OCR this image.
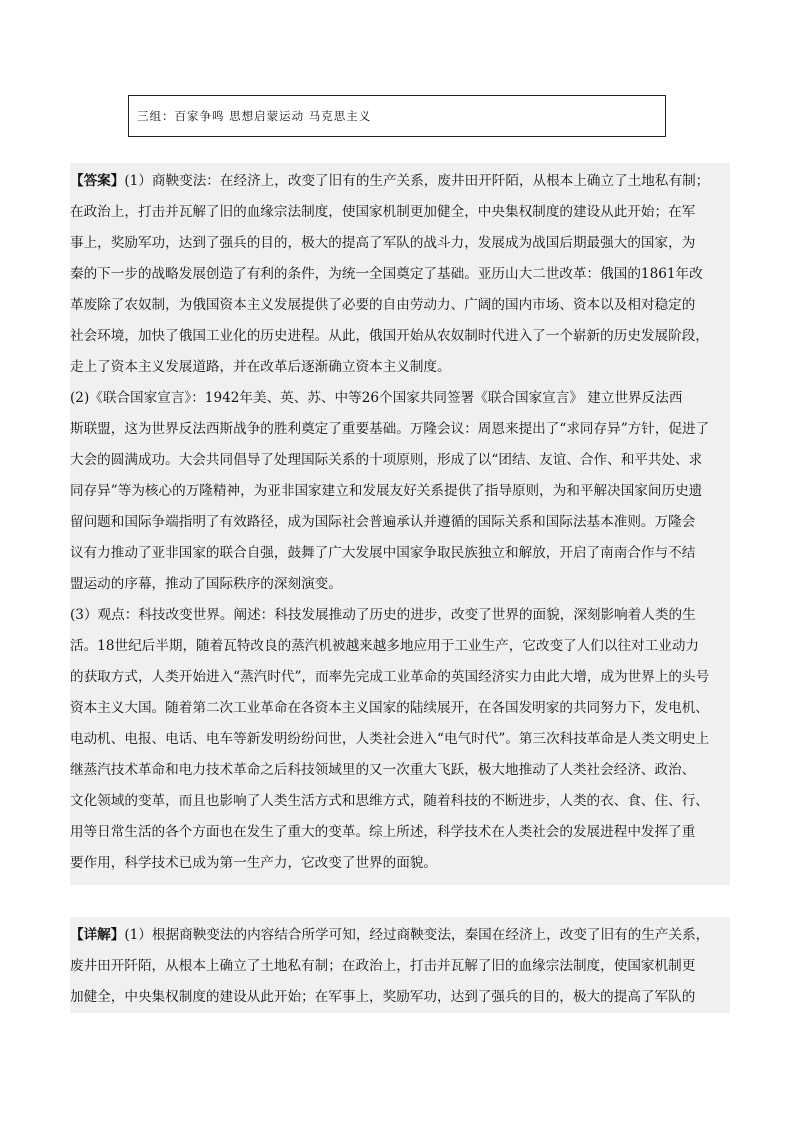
三组：百家争鸣 思想启蒙运动 马克思主义
【答案】(1）商鞅变法：在经济上，改变了旧有的生产关系，废井田开阡陌，从根本上确立了土地私有制；
在政治上，打击并瓦解了旧的血缘宗法制度，使国家机制更加健全，中央集权制度的建设从此开始；在军
事上，奖励军功，达到了强兵的目的，极大的提高了军队的战斗力，发展成为战国后期最强大的国家，为
秦的下一步的战略发展创造了有利的条件，为统一全国奠定了基础。亚历山大二世改革：俄国的1861年改
革废除了农奴制，为俄国资本主义发展提供了必要的自由劳动力、广阔的国内市场、资本以及相对稳定的
社会环境，加快了俄国工业化的历史进程。从此，俄国开始从农奴制时代进入了一个崭新的历史发展阶段，
走上了资本主义发展道路，并在改革后逐渐确立资本主义制度。
(2)《联合国家宣言》：1942年美、英、苏、中等26个国家共同签署《联合国家宣言》 建立世界反法西
斯联盟，这为世界反法西斯战争的胜利奠定了重要基础。万隆会议：周恩来提出了“求同存异”方针，促进了
大会的圆满成功。大会共同倡导了处理国际关系的十项原则，形成了以“团结、友谊、合作、和平共处、求
同存异”等为核心的万隆精神，为亚非国家建立和发展友好关系提供了指导原则，为和平解决国家间历史遗
留问题和国际争端指明了有效路径，成为国际社会普遍承认并遵循的国际关系和国际法基本准则。万隆会
议有力推动了亚非国家的联合自强，鼓舞了广大发展中国家争取民族独立和解放，开启了南南合作与不结
盟运动的序幕，推动了国际秩序的深刻演变。
(3）观点：科技改变世界。阐述：科技发展推动了历史的进步，改变了世界的面貌，深刻影响着人类的生
活。18世纪后半期，随着瓦特改良的蒸汽机被越来越多地应用于工业生产，它改变了人们以往对工业动力
的获取方式，人类开始进入“蒸汽时代”，而率先完成工业革命的英国经济实力由此大增，成为世界上的头号
资本主义大国。随着第二次工业革命在各资本主义国家的陆续展开，在各国发明家的共同努力下，发电机、
电动机、电报、电话、电车等新发明纷纷问世，人类社会进入“电气时代”。第三次科技革命是人类文明史上
继蒸汽技术革命和电力技术革命之后科技领域里的又一次重大飞跃，极大地推动了人类社会经济、政治、
文化领域的变革，而且也影响了人类生活方式和思维方式，随着科技的不断进步，人类的衣、食、住、行、
用等日常生活的各个方面也在发生了重大的变革。综上所述，科学技术在人类社会的发展进程中发挥了重
要作用，科学技术已成为第一生产力，它改变了世界的面貌。
【详解】(1）根据商鞅变法的内容结合所学可知，经过商鞅变法，秦国在经济上，改变了旧有的生产关系，
废井田开阡陌，从根本上确立了土地私有制；在政治上，打击并瓦解了旧的血缘宗法制度，使国家机制更
加健全，中央集权制度的建设从此开始；在军事上，奖励军功，达到了强兵的目的，极大的提高了军队的
